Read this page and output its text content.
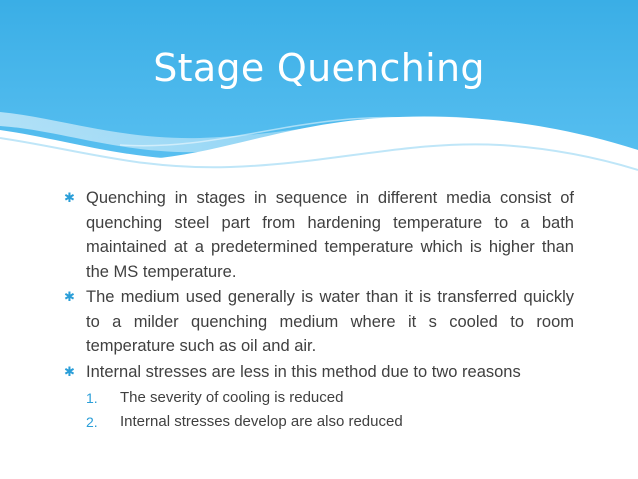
Stage Quenching
✱ Quenching in stages in sequence in different media consist of quenching steel part from hardening temperature to a bath maintained at a predetermined temperature which is higher than the MS temperature.
✱ The medium used generally is water than it is transferred quickly to a milder quenching medium where it s cooled to room temperature such as oil and air.
✱ Internal stresses are less in this method due to two reasons
1. The severity of cooling is reduced
2. Internal stresses develop are also reduced
